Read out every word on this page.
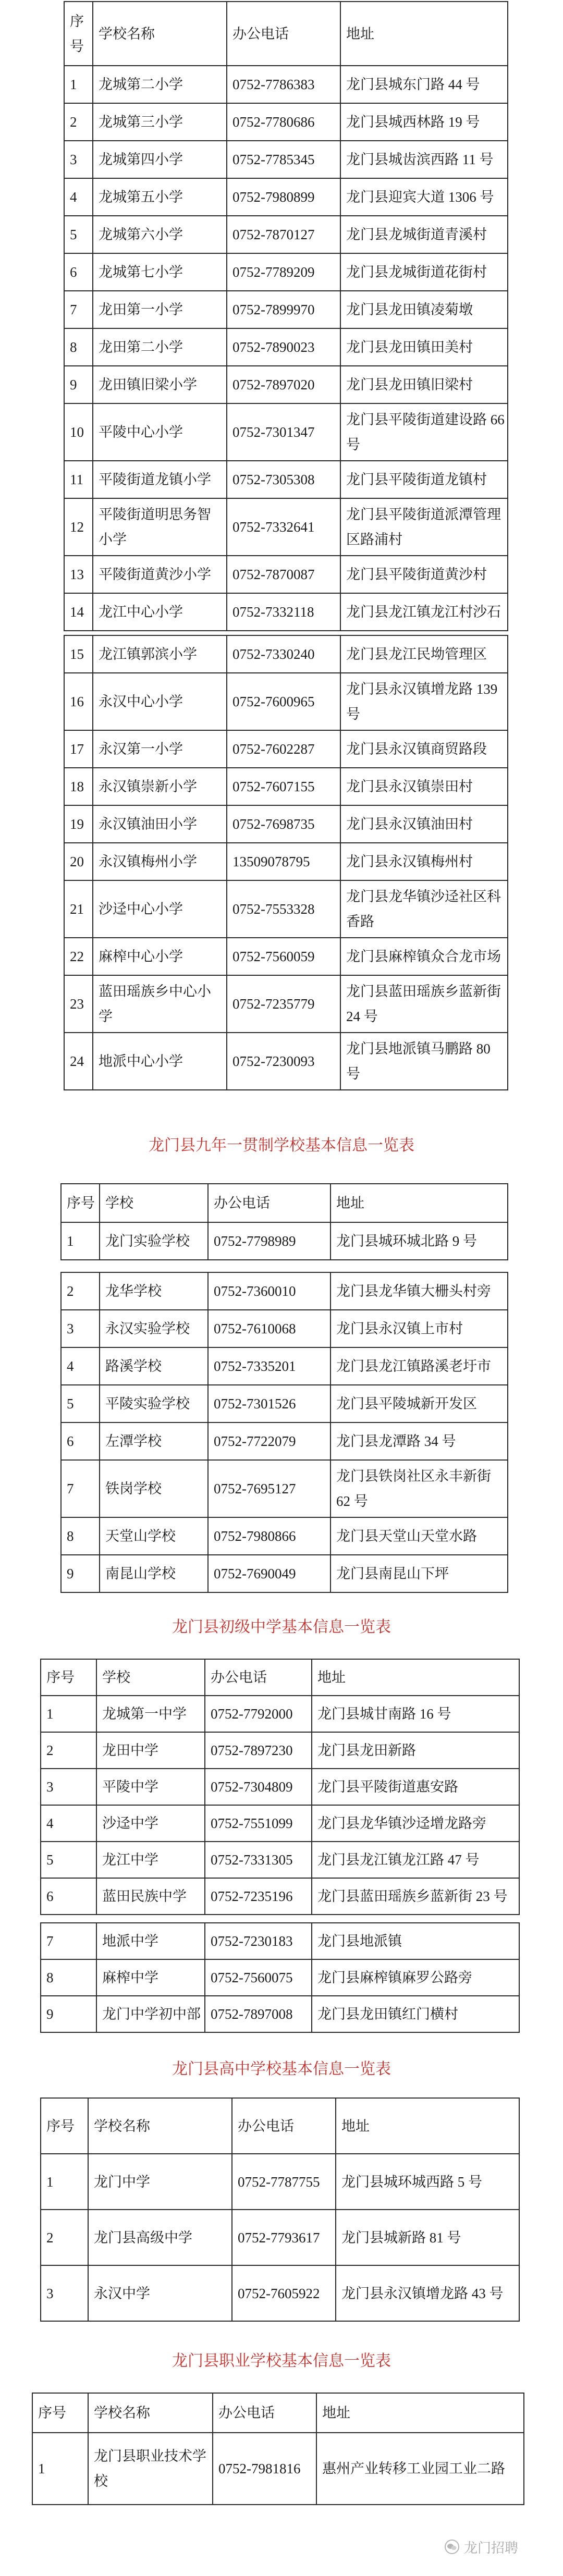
序号	学校名称	办公电话	地址
1	龙城第二小学	0752-7786383	龙门县城东门路 44 号
2	龙城第三小学	0752-7780686	龙门县城西林路 19 号
3	龙城第四小学	0752-7785345	龙门县城齿滨西路 11 号
4	龙城第五小学	0752-7980899	龙门县迎宾大道 1306 号
5	龙城第六小学	0752-7870127	龙门县龙城街道青溪村
6	龙城第七小学	0752-7789209	龙门县龙城街道花街村
7	龙田第一小学	0752-7899970	龙门县龙田镇凌菊墩
8	龙田第二小学	0752-7890023	龙门县龙田镇田美村
9	龙田镇旧梁小学	0752-7897020	龙门县龙田镇旧梁村
10	平陵中心小学	0752-7301347	龙门县平陵街道建设路 66 号
11	平陵街道龙镇小学	0752-7305308	龙门县平陵街道龙镇村
12	平陵街道明思务智小学	0752-7332641	龙门县平陵街道派潭管理区路浦村
13	平陵街道黄沙小学	0752-7870087	龙门县平陵街道黄沙村
14	龙江中心小学	0752-7332118	龙门县龙江镇龙江村沙石
15	龙江镇郭滨小学	0752-7330240	龙门县龙江民坳管理区
16	永汉中心小学	0752-7600965	龙门县永汉镇增龙路 139 号
17	永汉第一小学	0752-7602287	龙门县永汉镇商贸路段
18	永汉镇崇新小学	0752-7607155	龙门县永汉镇崇田村
19	永汉镇油田小学	0752-7698735	龙门县永汉镇油田村
20	永汉镇梅州小学	13509078795	龙门县永汉镇梅州村
21	沙迳中心小学	0752-7553328	龙门县龙华镇沙迳社区科香路
22	麻榨中心小学	0752-7560059	龙门县麻榨镇众合龙市场
23	蓝田瑶族乡中心小学	0752-7235779	龙门县蓝田瑶族乡蓝新街 24 号
24	地派中心小学	0752-7230093	龙门县地派镇马鹏路 80 号
龙门县九年一贯制学校基本信息一览表
序号	学校	办公电话	地址
1	龙门实验学校	0752-7798989	龙门县城环城北路 9 号
2	龙华学校	0752-7360010	龙门县龙华镇大栅头村旁
3	永汉实验学校	0752-7610068	龙门县永汉镇上市村
4	路溪学校	0752-7335201	龙门县龙江镇路溪老圩市
5	平陵实验学校	0752-7301526	龙门县平陵城新开发区
6	左潭学校	0752-7722079	龙门县龙潭路 34 号
7	铁岗学校	0752-7695127	龙门县铁岗社区永丰新街 62 号
8	天堂山学校	0752-7980866	龙门县天堂山天堂水路
9	南昆山学校	0752-7690049	龙门县南昆山下坪
龙门县初级中学基本信息一览表
序号	学校	办公电话	地址
1	龙城第一中学	0752-7792000	龙门县城甘南路 16 号
2	龙田中学	0752-7897230	龙门县龙田新路
3	平陵中学	0752-7304809	龙门县平陵街道惠安路
4	沙迳中学	0752-7551099	龙门县龙华镇沙迳增龙路旁
5	龙江中学	0752-7331305	龙门县龙江镇龙江路 47 号
6	蓝田民族中学	0752-7235196	龙门县蓝田瑶族乡蓝新街 23 号
7	地派中学	0752-7230183	龙门县地派镇
8	麻榨中学	0752-7560075	龙门县麻榨镇麻罗公路旁
9	龙门中学初中部	0752-7897008	龙门县龙田镇红门横村
龙门县高中学校基本信息一览表
序号	学校名称	办公电话	地址
1	龙门中学	0752-7787755	龙门县城环城西路 5 号
2	龙门县高级中学	0752-7793617	龙门县城新路 81 号
3	永汉中学	0752-7605922	龙门县永汉镇增龙路 43 号
龙门县职业学校基本信息一览表
序号	学校名称	办公电话	地址
1	龙门县职业技术学校	0752-7981816	惠州产业转移工业园工业二路
龙门招聘
